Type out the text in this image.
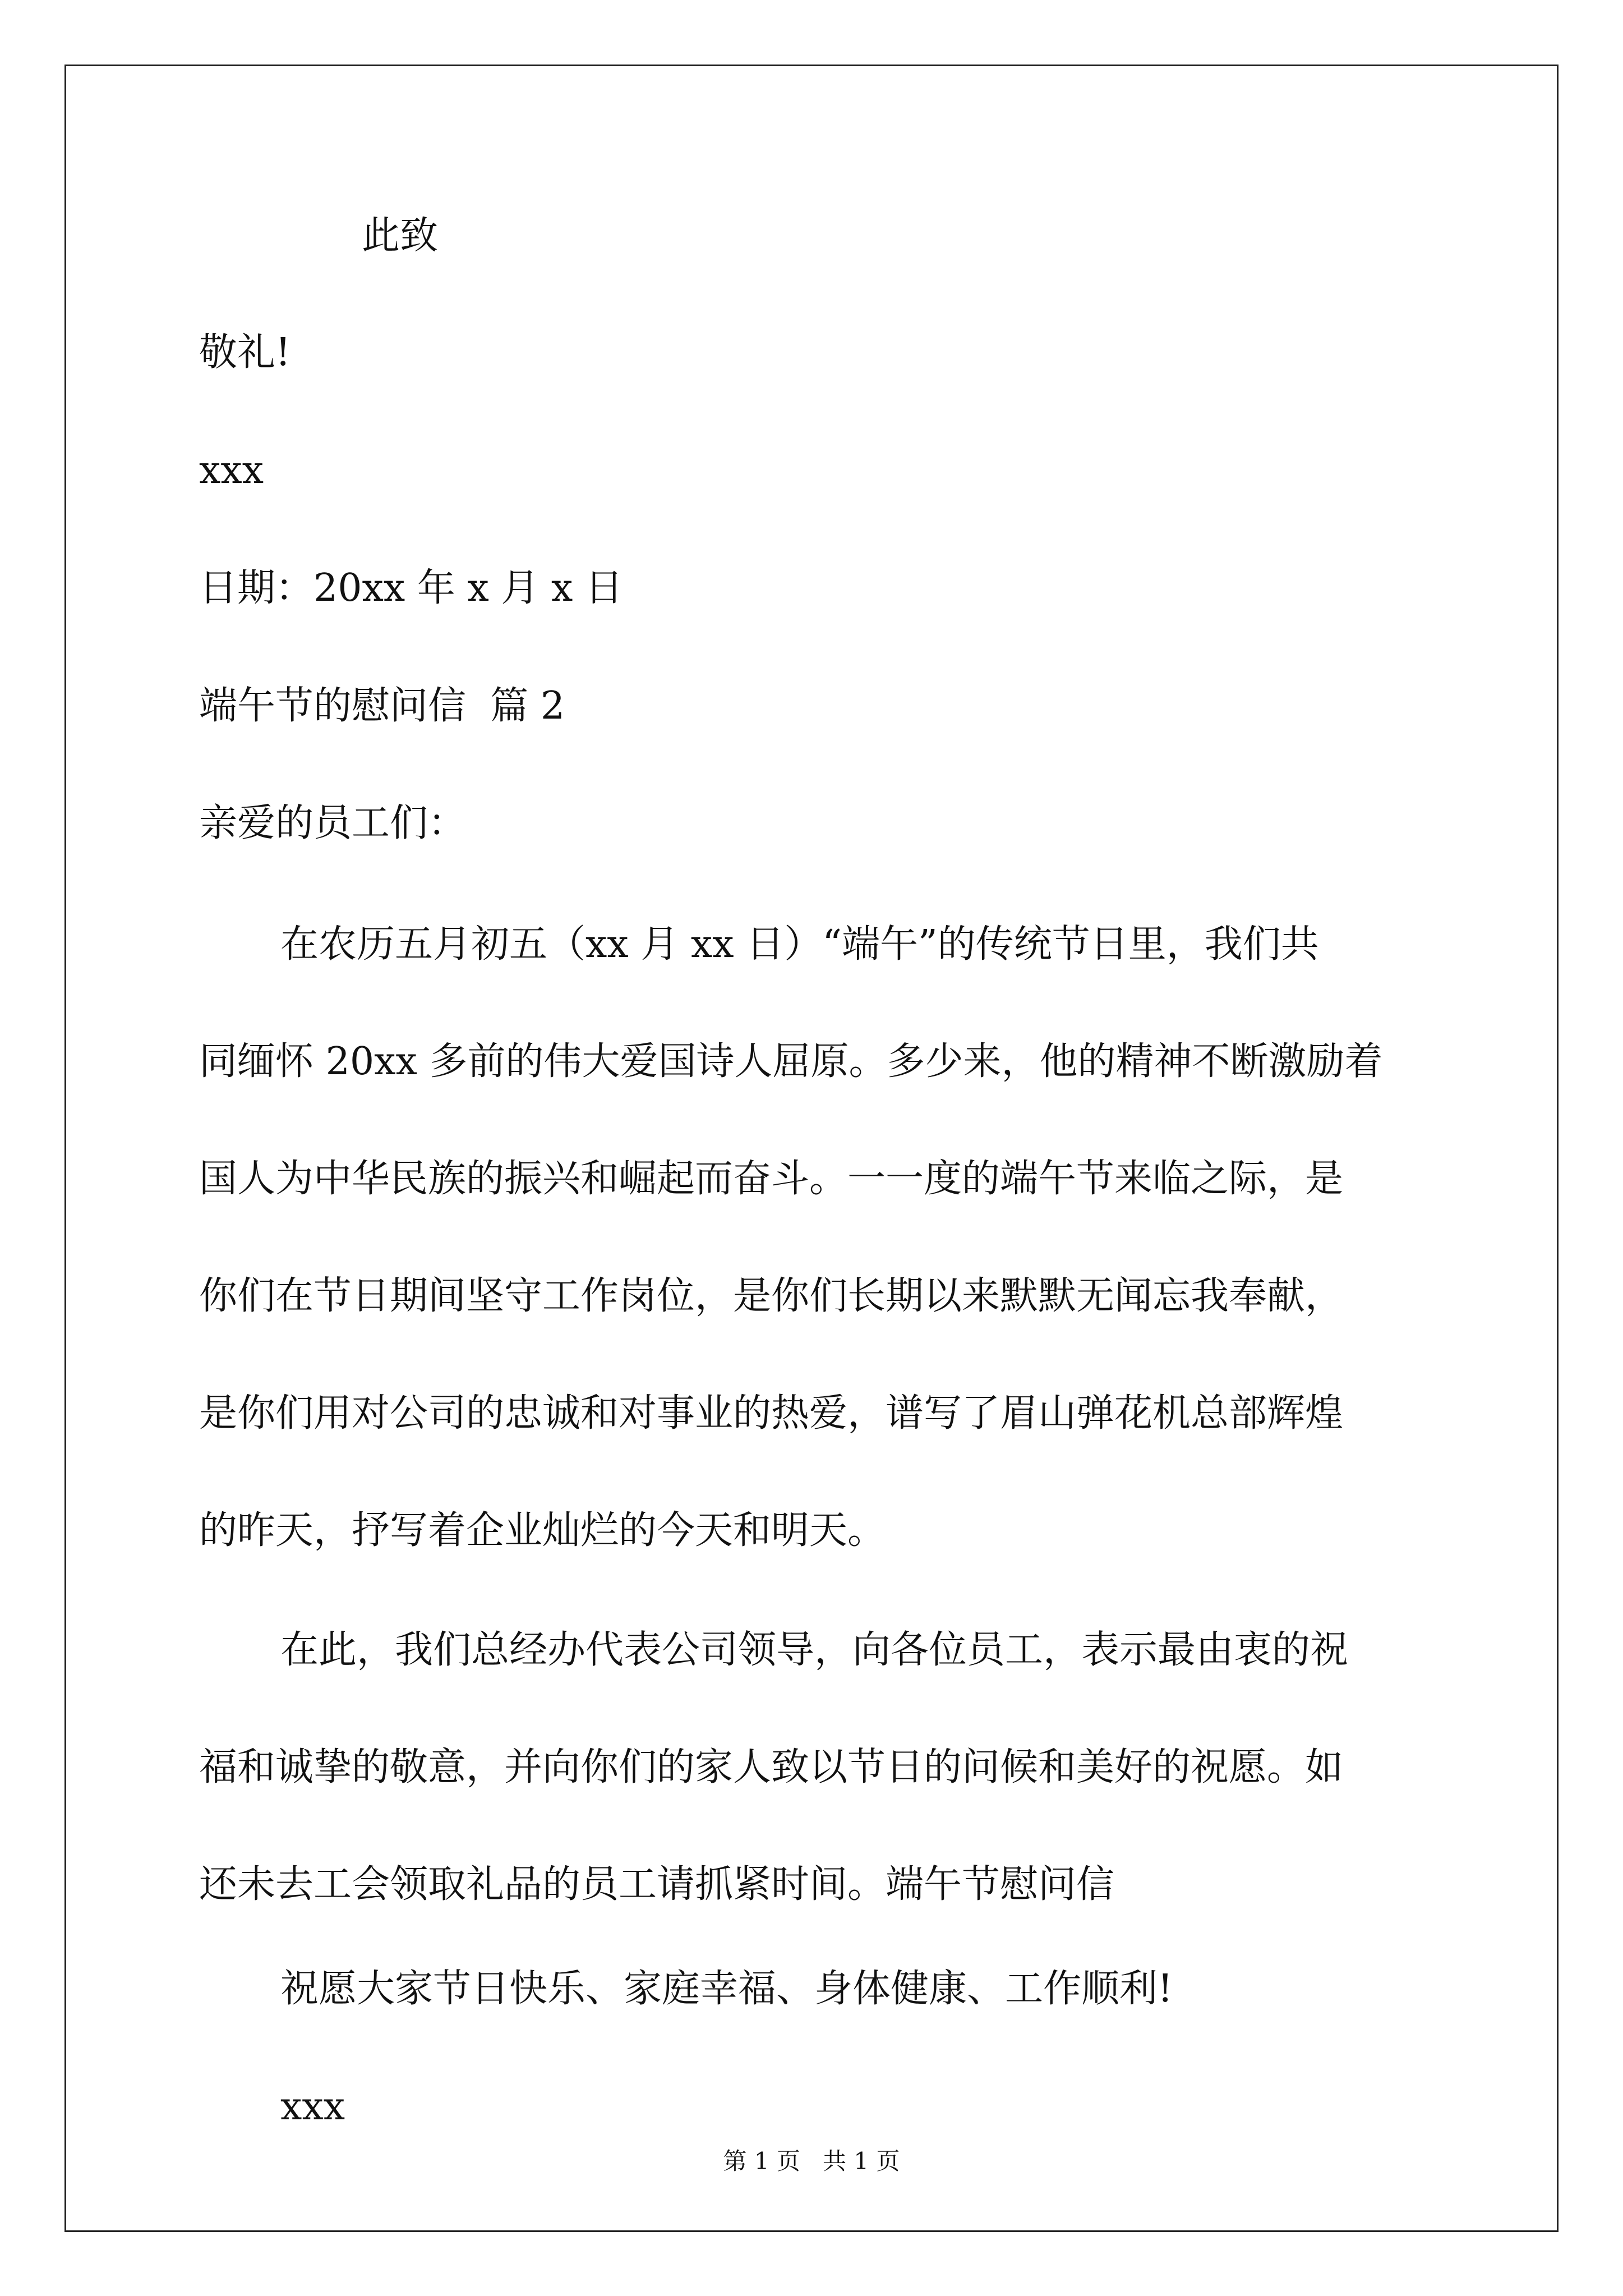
此致
敬礼!
xxx
日期：20xx 年 x 月 x 日
端午节的慰问信  篇 2
亲爱的员工们：
在农历五月初五（xx 月 xx 日）“端午”的传统节日里，我们共
同缅怀 20xx 多前的伟大爱国诗人屈原。多少来，他的精神不断激励着
国人为中华民族的振兴和崛起而奋斗。一一度的端午节来临之际，是
你们在节日期间坚守工作岗位，是你们长期以来默默无闻忘我奉献，
是你们用对公司的忠诚和对事业的热爱，谱写了眉山弹花机总部辉煌
的昨天，抒写着企业灿烂的今天和明天。
在此，我们总经办代表公司领导，向各位员工，表示最由衷的祝
福和诚挚的敬意，并向你们的家人致以节日的问候和美好的祝愿。如
还未去工会领取礼品的员工请抓紧时间。端午节慰问信
祝愿大家节日快乐、家庭幸福、身体健康、工作顺利!
xxx
第 1 页   共 1 页
